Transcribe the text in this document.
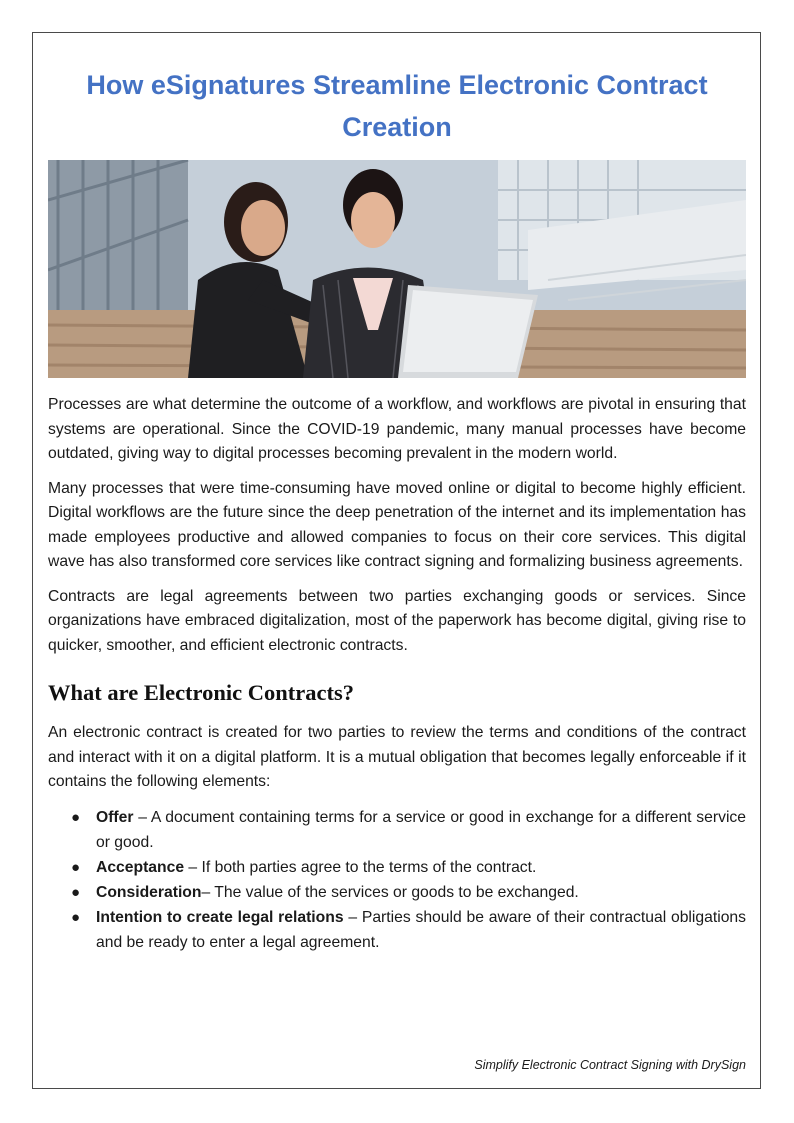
How eSignatures Streamline Electronic Contract Creation

Processes are what determine the outcome of a workflow, and workflows are pivotal in ensuring that systems are operational. Since the COVID-19 pandemic, many manual processes have become outdated, giving way to digital processes becoming prevalent in the modern world.

Many processes that were time-consuming have moved online or digital to become highly efficient. Digital workflows are the future since the deep penetration of the internet and its implementation has made employees productive and allowed companies to focus on their core services. This digital wave has also transformed core services like contract signing and formalizing business agreements.

Contracts are legal agreements between two parties exchanging goods or services. Since organizations have embraced digitalization, most of the paperwork has become digital, giving rise to quicker, smoother, and efficient electronic contracts.

What are Electronic Contracts?

An electronic contract is created for two parties to review the terms and conditions of the contract and interact with it on a digital platform. It is a mutual obligation that becomes legally enforceable if it contains the following elements:

● Offer – A document containing terms for a service or good in exchange for a different service or good.
● Acceptance – If both parties agree to the terms of the contract.
● Consideration– The value of the services or goods to be exchanged.
● Intention to create legal relations – Parties should be aware of their contractual obligations and be ready to enter a legal agreement.
Simplify Electronic Contract Signing with DrySign
